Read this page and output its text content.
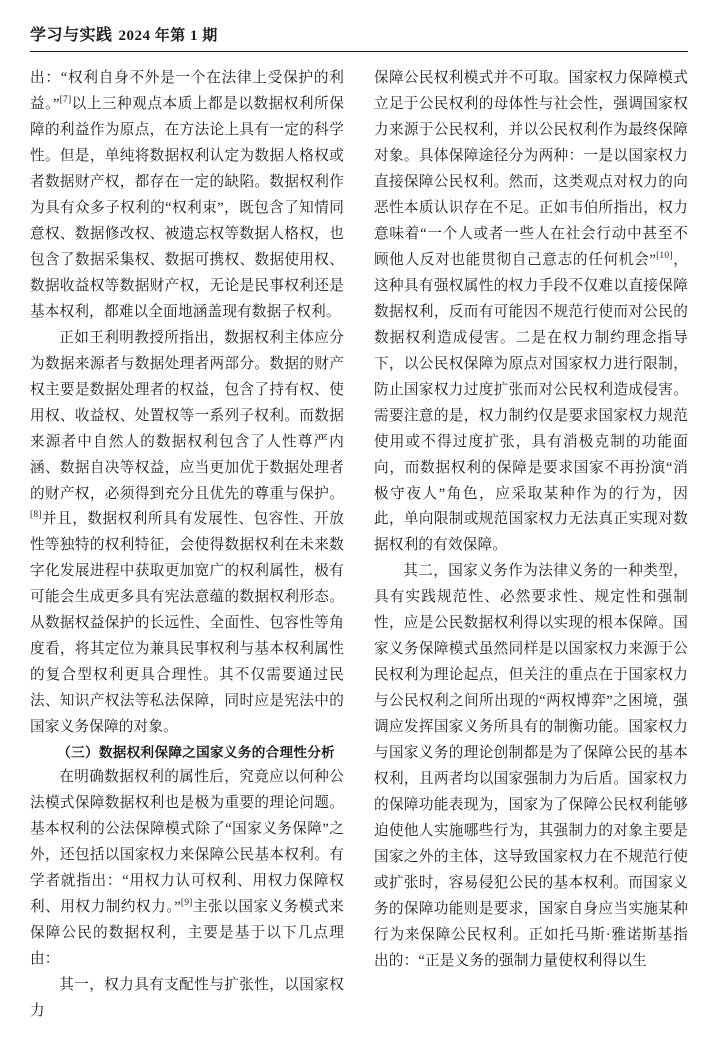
学习与实践 2024 年第 1 期

出：“权利自身不外是一个在法律上受保护的利益。”[7]以上三种观点本质上都是以数据权利所保障的利益作为原点，在方法论上具有一定的科学性。但是，单纯将数据权利认定为数据人格权或者数据财产权，都存在一定的缺陷。数据权利作为具有众多子权利的“权利束”，既包含了知情同意权、数据修改权、被遗忘权等数据人格权，也包含了数据采集权、数据可携权、数据使用权、数据收益权等数据财产权，无论是民事权利还是基本权利，都难以全面地涵盖现有数据子权利。

正如王利明教授所指出，数据权利主体应分为数据来源者与数据处理者两部分。数据的财产权主要是数据处理者的权益，包含了持有权、使用权、收益权、处置权等一系列子权利。而数据来源者中自然人的数据权利包含了人性尊严内涵、数据自决等权益，应当更加优于数据处理者的财产权，必须得到充分且优先的尊重与保护。[8]并且，数据权利所具有发展性、包容性、开放性等独特的权利特征，会使得数据权利在未来数字化发展进程中获取更加宽广的权利属性，极有可能会生成更多具有宪法意蕴的数据权利形态。从数据权益保护的长远性、全面性、包容性等角度看，将其定位为兼具民事权利与基本权利属性的复合型权利更具合理性。其不仅需要通过民法、知识产权法等私法保障，同时应是宪法中的国家义务保障的对象。

（三）数据权利保障之国家义务的合理性分析

在明确数据权利的属性后，究竟应以何种公法模式保障数据权利也是极为重要的理论问题。基本权利的公法保障模式除了“国家义务保障”之外，还包括以国家权力来保障公民基本权利。有学者就指出：“用权力认可权利、用权力保障权利、用权力制约权力。”[9]主张以国家义务模式来保障公民的数据权利，主要是基于以下几点理由：

其一，权力具有支配性与扩张性，以国家权力

保障公民权利模式并不可取。国家权力保障模式立足于公民权利的母体性与社会性，强调国家权力来源于公民权利，并以公民权利作为最终保障对象。具体保障途径分为两种：一是以国家权力直接保障公民权利。然而，这类观点对权力的向恶性本质认识存在不足。正如韦伯所指出，权力意味着“一个人或者一些人在社会行动中甚至不顾他人反对也能贯彻自己意志的任何机会”[10]，这种具有强权属性的权力手段不仅难以直接保障数据权利，反而有可能因不规范行使而对公民的数据权利造成侵害。二是在权力制约理念指导下，以公民权保障为原点对国家权力进行限制，防止国家权力过度扩张而对公民权利造成侵害。需要注意的是，权力制约仅是要求国家权力规范使用或不得过度扩张，具有消极克制的功能面向，而数据权利的保障是要求国家不再扮演“消极守夜人”角色，应采取某种作为的行为，因此，单向限制或规范国家权力无法真正实现对数据权利的有效保障。

其二，国家义务作为法律义务的一种类型，具有实践规范性、必然要求性、规定性和强制性，应是公民数据权利得以实现的根本保障。国家义务保障模式虽然同样是以国家权力来源于公民权利为理论起点，但关注的重点在于国家权力与公民权利之间所出现的“两权博弈”之困境，强调应发挥国家义务所具有的制衡功能。国家权力与国家义务的理论创制都是为了保障公民的基本权利，且两者均以国家强制力为后盾。国家权力的保障功能表现为，国家为了保障公民权利能够迫使他人实施哪些行为，其强制力的对象主要是国家之外的主体，这导致国家权力在不规范行使或扩张时，容易侵犯公民的基本权利。而国家义务的保障功能则是要求，国家自身应当实施某种行为来保障公民权利。正如托马斯·雅诺斯基指出的：“正是义务的强制力量使权利得以生
